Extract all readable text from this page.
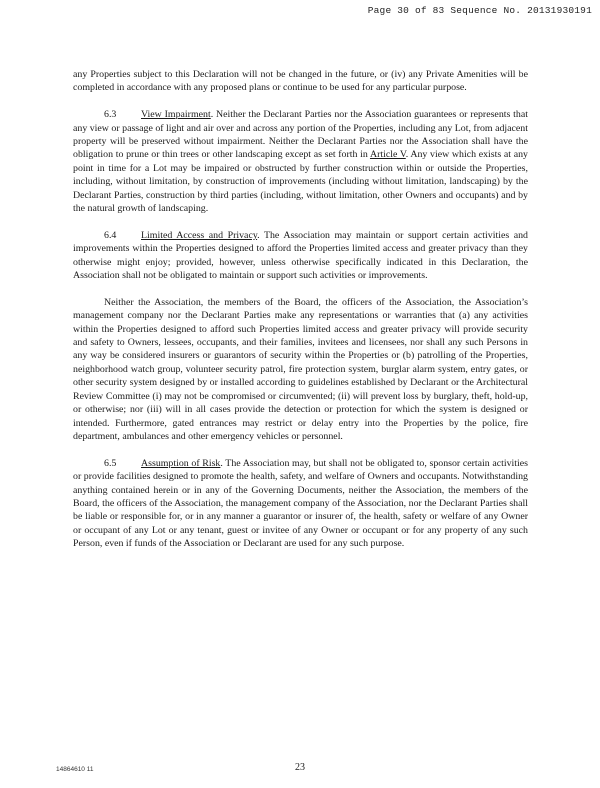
Page 30 of 83 Sequence No. 20131930191

any Properties subject to this Declaration will not be changed in the future, or (iv) any Private Amenities will be completed in accordance with any proposed plans or continue to be used for any particular purpose.

6.3 View Impairment. Neither the Declarant Parties nor the Association guarantees or represents that any view or passage of light and air over and across any portion of the Properties, including any Lot, from adjacent property will be preserved without impairment. Neither the Declarant Parties nor the Association shall have the obligation to prune or thin trees or other landscaping except as set forth in Article V. Any view which exists at any point in time for a Lot may be impaired or obstructed by further construction within or outside the Properties, including, without limitation, by construction of improvements (including without limitation, landscaping) by the Declarant Parties, construction by third parties (including, without limitation, other Owners and occupants) and by the natural growth of landscaping.

6.4 Limited Access and Privacy. The Association may maintain or support certain activities and improvements within the Properties designed to afford the Properties limited access and greater privacy than they otherwise might enjoy; provided, however, unless otherwise specifically indicated in this Declaration, the Association shall not be obligated to maintain or support such activities or improvements.

Neither the Association, the members of the Board, the officers of the Association, the Association’s management company nor the Declarant Parties make any representations or warranties that (a) any activities within the Properties designed to afford such Properties limited access and greater privacy will provide security and safety to Owners, lessees, occupants, and their families, invitees and licensees, nor shall any such Persons in any way be considered insurers or guarantors of security within the Properties or (b) patrolling of the Properties, neighborhood watch group, volunteer security patrol, fire protection system, burglar alarm system, entry gates, or other security system designed by or installed according to guidelines established by Declarant or the Architectural Review Committee (i) may not be compromised or circumvented; (ii) will prevent loss by burglary, theft, hold-up, or otherwise; nor (iii) will in all cases provide the detection or protection for which the system is designed or intended. Furthermore, gated entrances may restrict or delay entry into the Properties by the police, fire department, ambulances and other emergency vehicles or personnel.

6.5 Assumption of Risk. The Association may, but shall not be obligated to, sponsor certain activities or provide facilities designed to promote the health, safety, and welfare of Owners and occupants. Notwithstanding anything contained herein or in any of the Governing Documents, neither the Association, the members of the Board, the officers of the Association, the management company of the Association, nor the Declarant Parties shall be liable or responsible for, or in any manner a guarantor or insurer of, the health, safety or welfare of any Owner or occupant of any Lot or any tenant, guest or invitee of any Owner or occupant or for any property of any such Person, even if funds of the Association or Declarant are used for any such purpose.

14864610 11	23
